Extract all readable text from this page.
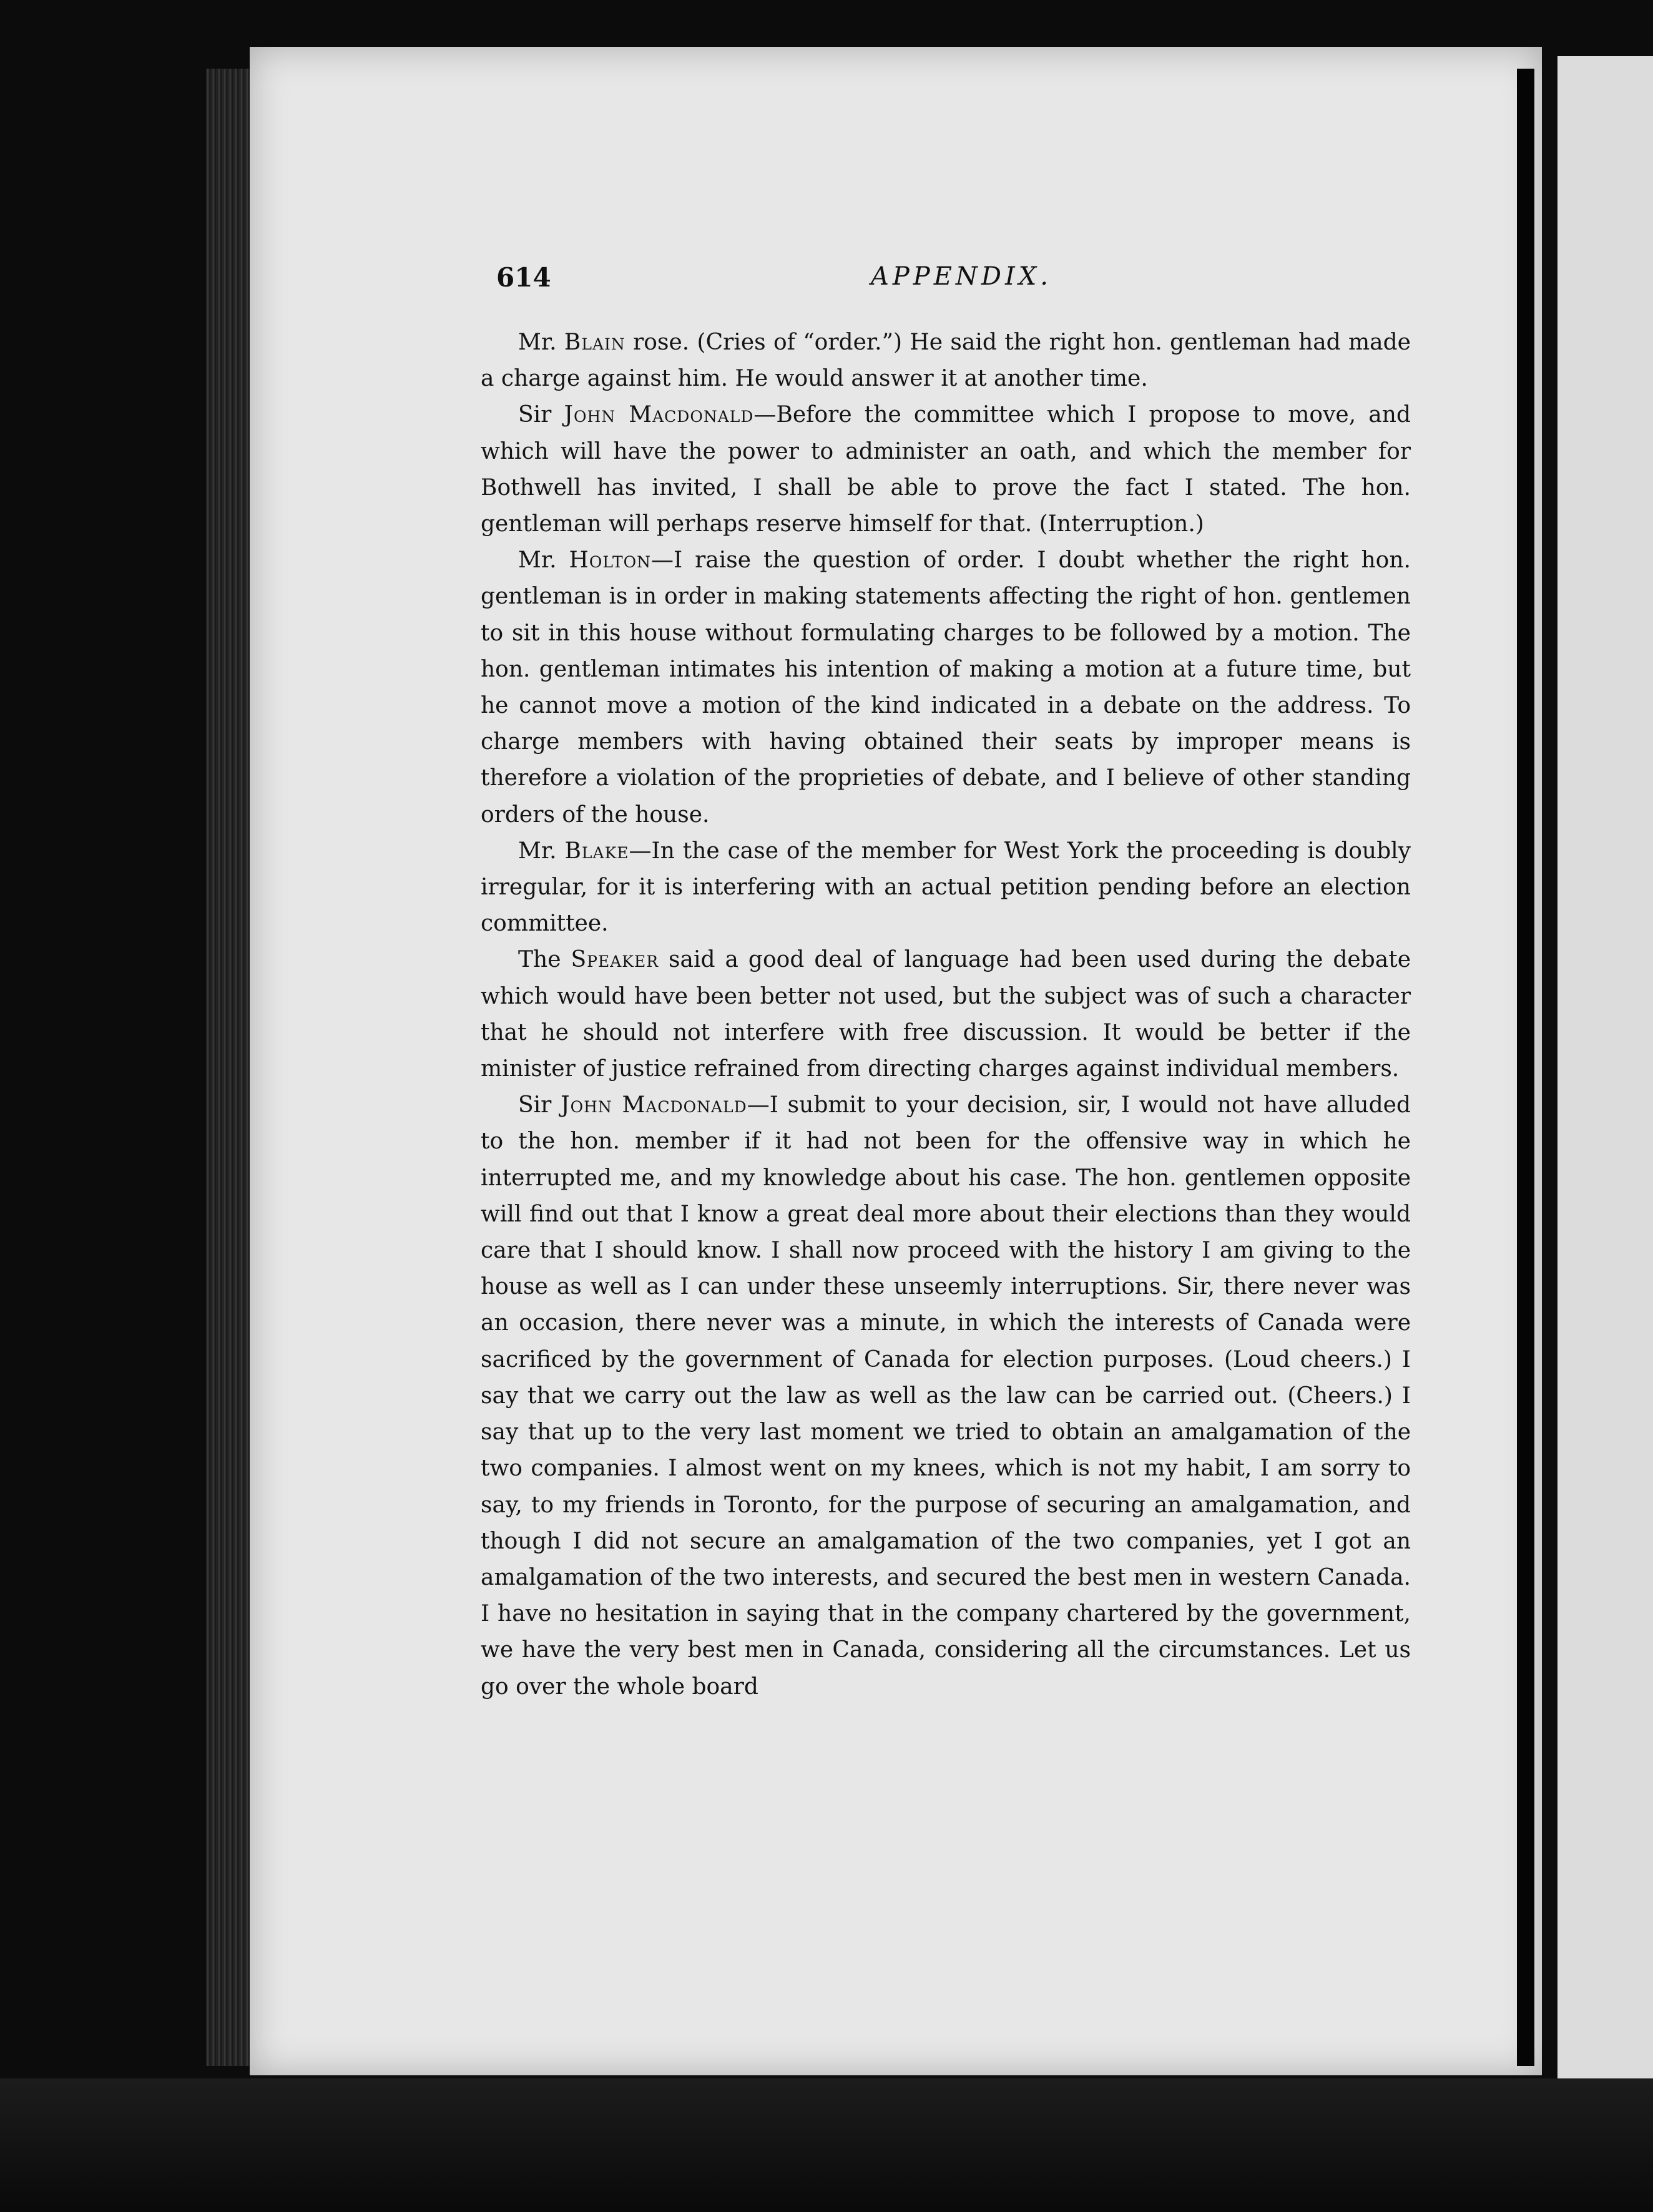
614	APPENDIX.

Mr. Blain rose. (Cries of “order.”) He said the right hon. gentleman had made a charge against him. He would answer it at another time.

Sir John Macdonald—Before the committee which I propose to move, and which will have the power to administer an oath, and which the member for Bothwell has invited, I shall be able to prove the fact I stated. The hon. gentleman will perhaps reserve himself for that. (Interruption.)

Mr. Holton—I raise the question of order. I doubt whether the right hon. gentleman is in order in making statements affecting the right of hon. gentlemen to sit in this house without formulating charges to be followed by a motion. The hon. gentleman intimates his intention of making a motion at a future time, but he cannot move a motion of the kind indicated in a debate on the address. To charge members with having obtained their seats by improper means is therefore a violation of the proprieties of debate, and I believe of other standing orders of the house.

Mr. Blake—In the case of the member for West York the proceeding is doubly irregular, for it is interfering with an actual petition pending before an election committee.

The Speaker said a good deal of language had been used during the debate which would have been better not used, but the subject was of such a character that he should not interfere with free discussion. It would be better if the minister of justice refrained from directing charges against individual members.

Sir John Macdonald—I submit to your decision, sir, I would not have alluded to the hon. member if it had not been for the offensive way in which he interrupted me, and my knowledge about his case. The hon. gentlemen opposite will find out that I know a great deal more about their elections than they would care that I should know. I shall now proceed with the history I am giving to the house as well as I can under these unseemly interruptions. Sir, there never was an occasion, there never was a minute, in which the interests of Canada were sacrificed by the government of Canada for election purposes. (Loud cheers.) I say that we carry out the law as well as the law can be carried out. (Cheers.) I say that up to the very last moment we tried to obtain an amalgamation of the two companies. I almost went on my knees, which is not my habit, I am sorry to say, to my friends in Toronto, for the purpose of securing an amalgamation, and though I did not secure an amalgamation of the two companies, yet I got an amalgamation of the two interests, and secured the best men in western Canada. I have no hesitation in saying that in the company chartered by the government, we have the very best men in Canada, considering all the circumstances. Let us go over the whole board
